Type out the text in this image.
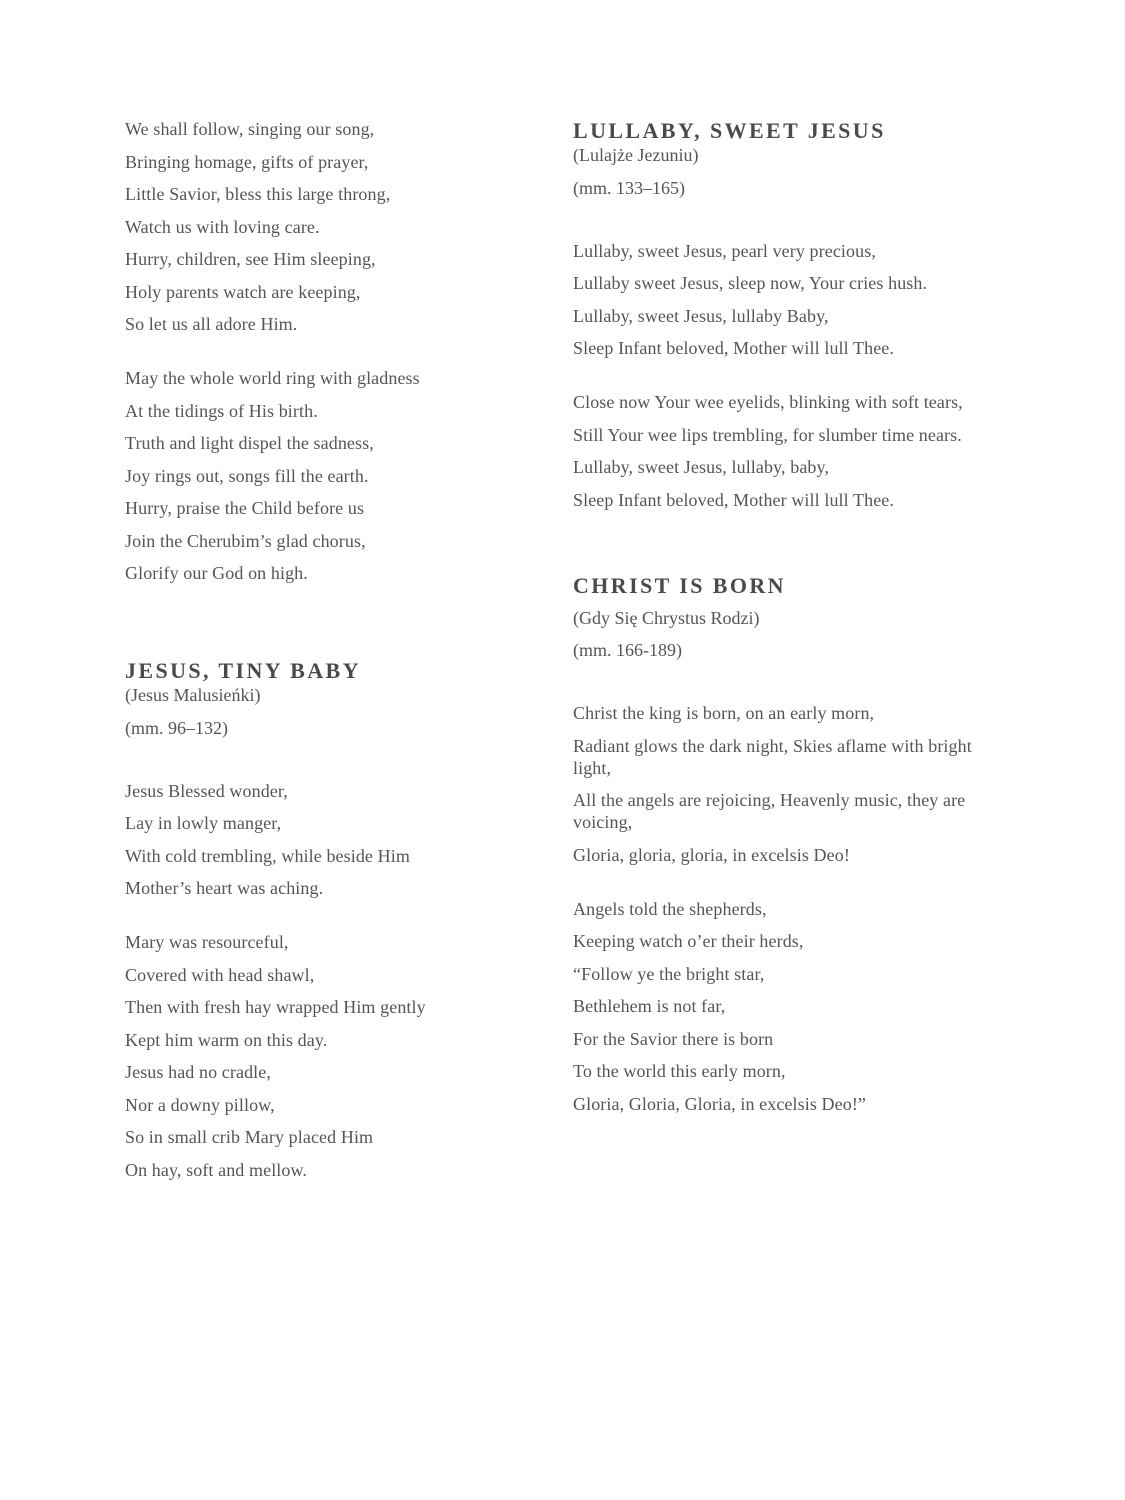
We shall follow, singing our song,

Bringing homage, gifts of prayer,

Little Savior, bless this large throng,

Watch us with loving care.

Hurry, children, see Him sleeping,

Holy parents watch are keeping,

So let us all adore Him.

May the whole world ring with gladness

At the tidings of His birth.

Truth and light dispel the sadness,

Joy rings out, songs fill the earth.

Hurry, praise the Child before us

Join the Cherubim’s glad chorus,

Glorify our God on high.

JESUS, TINY BABY

(Jesus Malusieńki)

(mm. 96–132)

Jesus Blessed wonder,

Lay in lowly manger,

With cold trembling, while beside Him

Mother’s heart was aching.

Mary was resourceful,

Covered with head shawl,

Then with fresh hay wrapped Him gently

Kept him warm on this day.

Jesus had no cradle,

Nor a downy pillow,

So in small crib Mary placed Him

On hay, soft and mellow.

LULLABY, SWEET JESUS

(Lulajże Jezuniu)

(mm. 133–165)

Lullaby, sweet Jesus, pearl very precious,

Lullaby sweet Jesus, sleep now, Your cries hush.

Lullaby, sweet Jesus, lullaby Baby,

Sleep Infant beloved, Mother will lull Thee.

Close now Your wee eyelids, blinking with soft tears,

Still Your wee lips trembling, for slumber time nears.

Lullaby, sweet Jesus, lullaby, baby,

Sleep Infant beloved, Mother will lull Thee.

CHRIST IS BORN

(Gdy Się Chrystus Rodzi)

(mm. 166-189)

Christ the king is born, on an early morn,

Radiant glows the dark night, Skies aflame with bright light,

All the angels are rejoicing, Heavenly music, they are voicing,

Gloria, gloria, gloria, in excelsis Deo!

Angels told the shepherds,

Keeping watch o’er their herds,

“Follow ye the bright star,

Bethlehem is not far,

For the Savior there is born

To the world this early morn,

Gloria, Gloria, Gloria, in excelsis Deo!”
